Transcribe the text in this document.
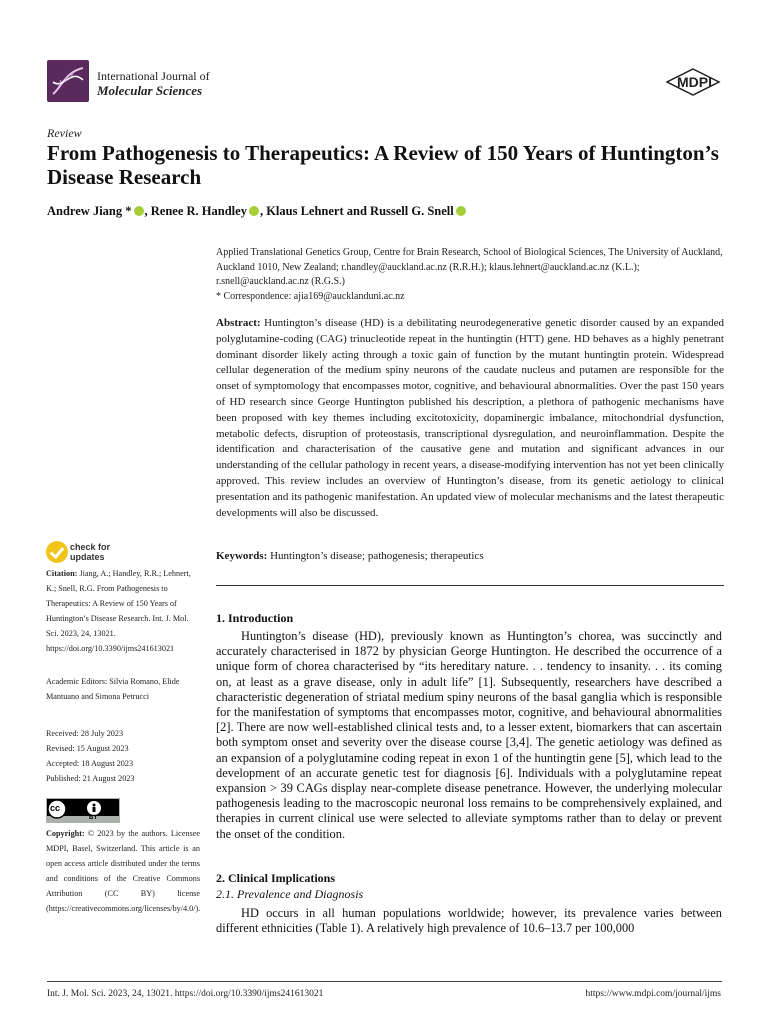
International Journal of
Molecular Sciences
MDPI
Review
From Pathogenesis to Therapeutics: A Review of 150 Years of Huntington’s Disease Research
Andrew Jiang * , Renee R. Handley , Klaus Lehnert and Russell G. Snell
Applied Translational Genetics Group, Centre for Brain Research, School of Biological Sciences, The University of Auckland, Auckland 1010, New Zealand; r.handley@auckland.ac.nz (R.R.H.); klaus.lehnert@auckland.ac.nz (K.L.); r.snell@auckland.ac.nz (R.G.S.)
* Correspondence: ajia169@aucklanduni.ac.nz
Abstract: Huntington’s disease (HD) is a debilitating neurodegenerative genetic disorder caused by an expanded polyglutamine-coding (CAG) trinucleotide repeat in the huntingtin (HTT) gene. HD behaves as a highly penetrant dominant disorder likely acting through a toxic gain of function by the mutant huntingtin protein. Widespread cellular degeneration of the medium spiny neurons of the caudate nucleus and putamen are responsible for the onset of symptomology that encompasses motor, cognitive, and behavioural abnormalities. Over the past 150 years of HD research since George Huntington published his description, a plethora of pathogenic mechanisms have been proposed with key themes including excitotoxicity, dopaminergic imbalance, mitochondrial dysfunction, metabolic defects, disruption of proteostasis, transcriptional dysregulation, and neuroinflammation. Despite the identification and characterisation of the causative gene and mutation and significant advances in our understanding of the cellular pathology in recent years, a disease-modifying intervention has not yet been clinically approved. This review includes an overview of Huntington’s disease, from its genetic aetiology to clinical presentation and its pathogenic manifestation. An updated view of molecular mechanisms and the latest therapeutic developments will also be discussed.
Keywords: Huntington’s disease; pathogenesis; therapeutics
check for
updates
Citation: Jiang, A.; Handley, R.R.; Lehnert, K.; Snell, R.G. From Pathogenesis to Therapeutics: A Review of 150 Years of Huntington’s Disease Research. Int. J. Mol. Sci. 2023, 24, 13021. https://doi.org/10.3390/ijms241613021
Academic Editors: Silvia Romano, Elide Mantuano and Simona Petrucci
Received: 28 July 2023
Revised: 15 August 2023
Accepted: 18 August 2023
Published: 21 August 2023
cc
BY
Copyright: © 2023 by the authors. Licensee MDPI, Basel, Switzerland. This article is an open access article distributed under the terms and conditions of the Creative Commons Attribution (CC BY) license (https://creativecommons.org/licenses/by/4.0/).
1. Introduction
Huntington’s disease (HD), previously known as Huntington’s chorea, was succinctly and accurately characterised in 1872 by physician George Huntington. He described the occurrence of a unique form of chorea characterised by “its hereditary nature. . . tendency to insanity. . . its coming on, at least as a grave disease, only in adult life” [1]. Subsequently, researchers have described a characteristic degeneration of striatal medium spiny neurons of the basal ganglia which is responsible for the manifestation of symptoms that encompasses motor, cognitive, and behavioural abnormalities [2]. There are now well-established clinical tests and, to a lesser extent, biomarkers that can ascertain both symptom onset and severity over the disease course [3,4]. The genetic aetiology was defined as an expansion of a polyglutamine coding repeat in exon 1 of the huntingtin gene [5], which lead to the development of an accurate genetic test for diagnosis [6]. Individuals with a polyglutamine repeat expansion > 39 CAGs display near-complete disease penetrance. However, the underlying molecular pathogenesis leading to the macroscopic neuronal loss remains to be comprehensively explained, and therapies in current clinical use were selected to alleviate symptoms rather than to delay or prevent the onset of the condition.
2. Clinical Implications
2.1. Prevalence and Diagnosis
HD occurs in all human populations worldwide; however, its prevalence varies between different ethnicities (Table 1). A relatively high prevalence of 10.6–13.7 per 100,000
Int. J. Mol. Sci. 2023, 24, 13021. https://doi.org/10.3390/ijms241613021	https://www.mdpi.com/journal/ijms
